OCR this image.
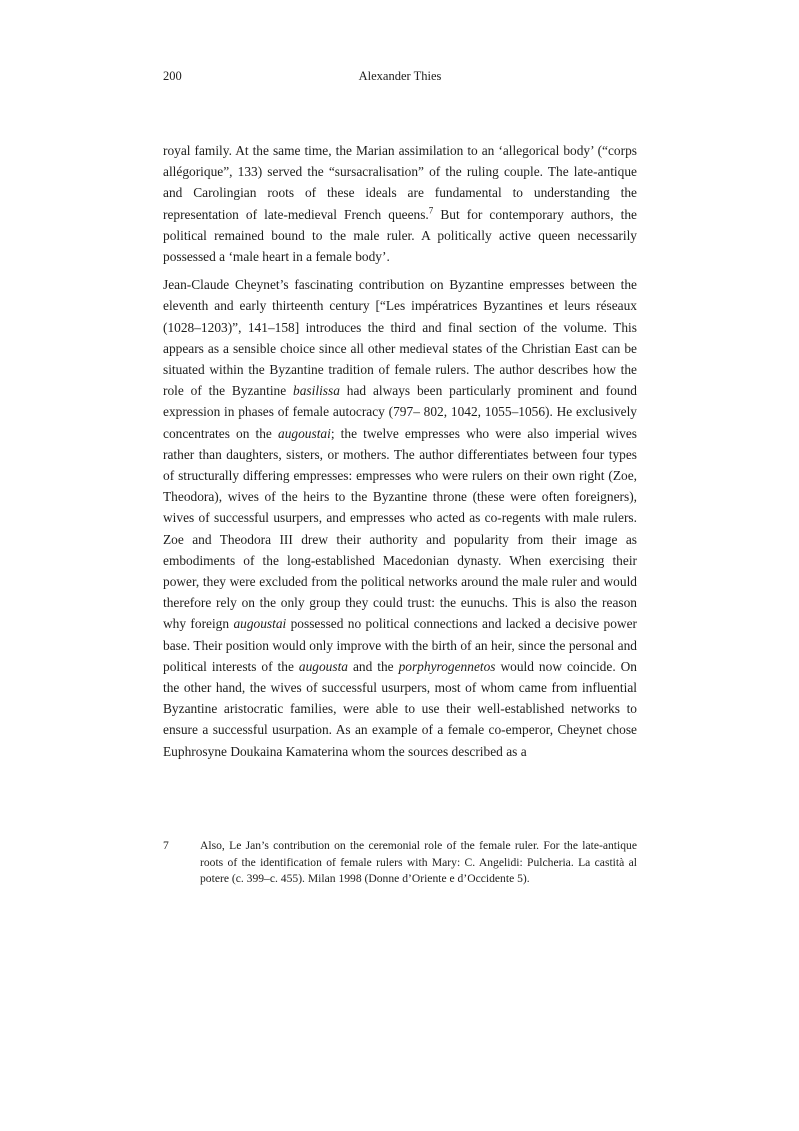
200	Alexander Thies

royal family. At the same time, the Marian assimilation to an ‘allegorical body’ (“corps allégorique”, 133) served the “sursacralisation” of the ruling couple. The late-antique and Carolingian roots of these ideals are fundamental to understanding the representation of late-medieval French queens.$^7$ But for contemporary authors, the political remained bound to the male ruler. A politically active queen necessarily possessed a ‘male heart in a female body’.

Jean-Claude Cheynet’s fascinating contribution on Byzantine empresses between the eleventh and early thirteenth century [“Les impératrices Byzantines et leurs réseaux (1028–1203)”, 141–158] introduces the third and final section of the volume. This appears as a sensible choice since all other medieval states of the Christian East can be situated within the Byzantine tradition of female rulers. The author describes how the role of the Byzantine basilissa had always been particularly prominent and found expression in phases of female autocracy (797– 802, 1042, 1055–1056). He exclusively concentrates on the augoustai; the twelve empresses who were also imperial wives rather than daughters, sisters, or mothers. The author differentiates between four types of structurally differing empresses: empresses who were rulers on their own right (Zoe, Theodora), wives of the heirs to the Byzantine throne (these were often foreigners), wives of successful usurpers, and empresses who acted as co-regents with male rulers. Zoe and Theodora III drew their authority and popularity from their image as embodiments of the long-established Macedonian dynasty. When exercising their power, they were excluded from the political networks around the male ruler and would therefore rely on the only group they could trust: the eunuchs. This is also the reason why foreign augoustai possessed no political connections and lacked a decisive power base. Their position would only improve with the birth of an heir, since the personal and political interests of the augousta and the porphyrogennetos would now coincide. On the other hand, the wives of successful usurpers, most of whom came from influential Byzantine aristocratic families, were able to use their well-established networks to ensure a successful usurpation. As an example of a female co-emperor, Cheynet chose Euphrosyne Doukaina Kamaterina whom the sources described as a

7	Also, Le Jan’s contribution on the ceremonial role of the female ruler. For the late-antique roots of the identification of female rulers with Mary: C. Angelidi: Pulcheria. La castità al potere (c. 399–c. 455). Milan 1998 (Donne d’Oriente e d’Occidente 5).
